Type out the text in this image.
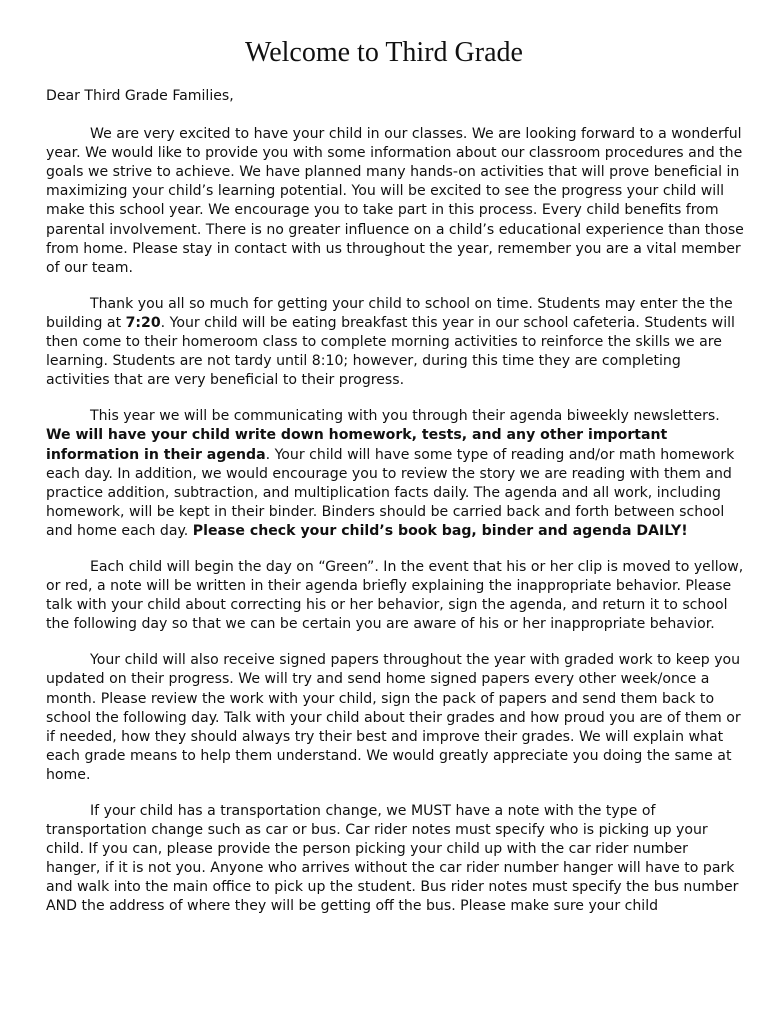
Welcome to Third Grade

Dear Third Grade Families,

We are very excited to have your child in our classes. We are looking forward to a wonderful year. We would like to provide you with some information about our classroom procedures and the goals we strive to achieve. We have planned many hands-on activities that will prove beneficial in maximizing your child’s learning potential. You will be excited to see the progress your child will make this school year. We encourage you to take part in this process. Every child benefits from parental involvement. There is no greater influence on a child’s educational experience than those from home. Please stay in contact with us throughout the year, remember you are a vital member of our team.

Thank you all so much for getting your child to school on time. Students may enter the the building at 7:20. Your child will be eating breakfast this year in our school cafeteria. Students will then come to their homeroom class to complete morning activities to reinforce the skills we are learning. Students are not tardy until 8:10; however, during this time they are completing activities that are very beneficial to their progress.

This year we will be communicating with you through their agenda biweekly newsletters. We will have your child write down homework, tests, and any other important information in their agenda. Your child will have some type of reading and/or math homework each day. In addition, we would encourage you to review the story we are reading with them and practice addition, subtraction, and multiplication facts daily. The agenda and all work, including homework, will be kept in their binder. Binders should be carried back and forth between school and home each day. Please check your child’s book bag, binder and agenda DAILY!

Each child will begin the day on “Green”. In the event that his or her clip is moved to yellow, or red, a note will be written in their agenda briefly explaining the inappropriate behavior. Please talk with your child about correcting his or her behavior, sign the agenda, and return it to school the following day so that we can be certain you are aware of his or her inappropriate behavior.

Your child will also receive signed papers throughout the year with graded work to keep you updated on their progress. We will try and send home signed papers every other week/once a month. Please review the work with your child, sign the pack of papers and send them back to school the following day. Talk with your child about their grades and how proud you are of them or if needed, how they should always try their best and improve their grades. We will explain what each grade means to help them understand. We would greatly appreciate you doing the same at home.

If your child has a transportation change, we MUST have a note with the type of transportation change such as car or bus. Car rider notes must specify who is picking up your child. If you can, please provide the person picking your child up with the car rider number hanger, if it is not you. Anyone who arrives without the car rider number hanger will have to park and walk into the main office to pick up the student. Bus rider notes must specify the bus number AND the address of where they will be getting off the bus. Please make sure your child
